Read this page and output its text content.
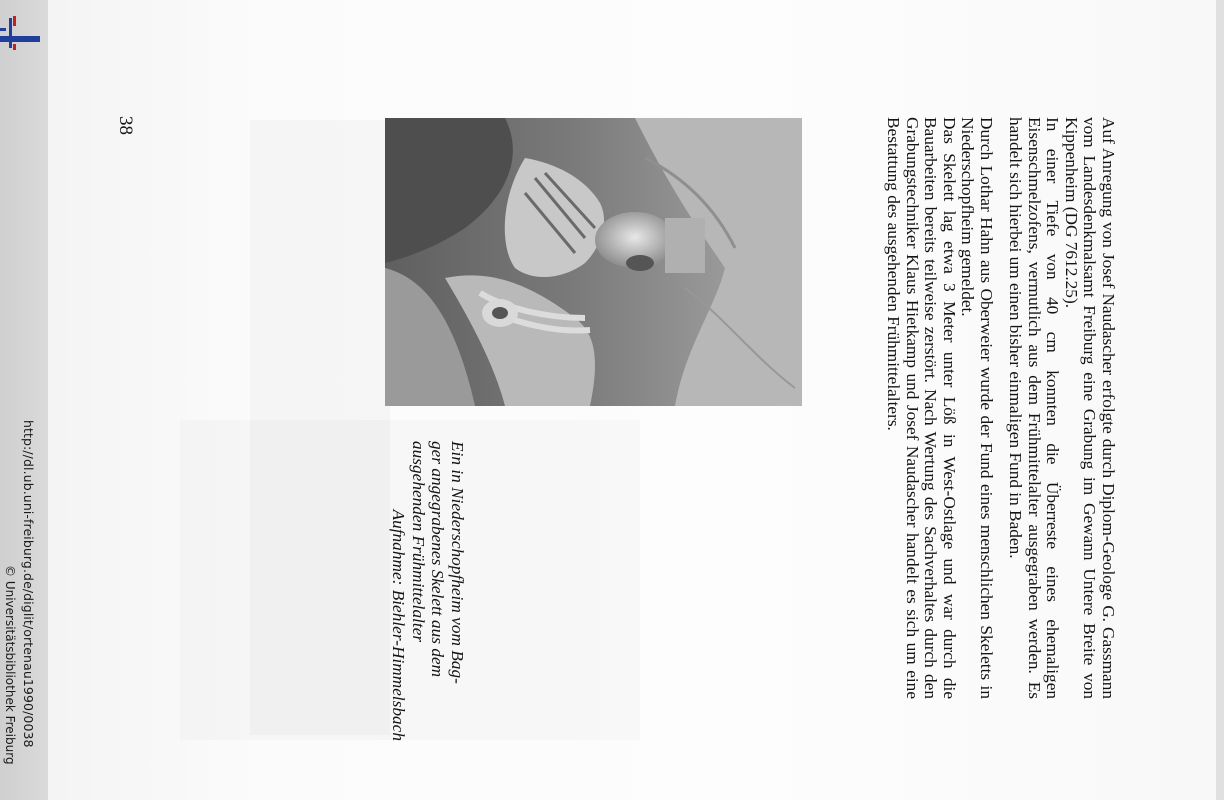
http://dl.ub.uni-freiburg.de/diglit/ortenau1990/0038
© Universitätsbibliothek Freiburg
38	Auf Anregung von Josef Naudascher erfolgte durch Diplom-Geologe G. Gassmann vom Landesdenkmalsamt Freiburg eine Grabung im Gewann Untere Breite von Kippenheim (DG 7612.25).

In einer Tiefe von 40 cm konnten die Überreste eines ehemaligen Eisenschmelzofens, vermutlich aus dem Frühmittelalter ausgegraben werden. Es handelt sich hierbei um einen bisher einmaligen Fund in Baden.

Durch Lothar Hahn aus Oberweier wurde der Fund eines menschlichen Skeletts in Niederschopfheim gemeldet.

Das Skelett lag etwa 3 Meter unter Löß in West-Ostlage und war durch die Bauarbeiten bereits teilweise zerstört. Nach Wertung des Sachverhaltes durch den Grabungstechniker Klaus Hietkamp und Josef Naudascher handelt es sich um eine Bestattung des ausgehenden Frühmittelalters.

Ein in Niederschopfheim vom Bag-
ger angegrabenes Skelett aus dem
ausgehenden Frühmittelalter
Aufnahme: Biehler-Himmelsbach
